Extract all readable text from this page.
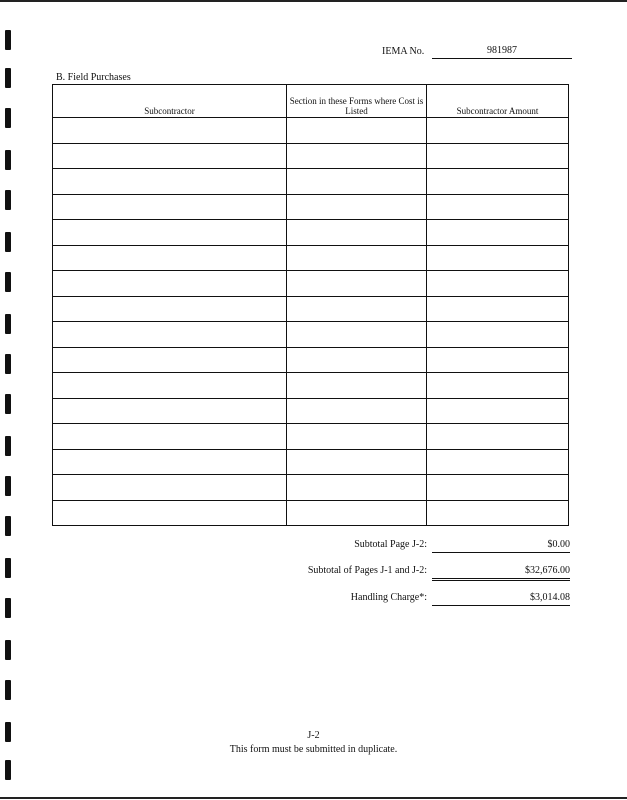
IEMA No.	981987
B. Field Purchases
Subcontractor	Section in these Forms where Cost is Listed	Subcontractor Amount

Subtotal Page J-2:	$0.00
Subtotal of Pages J-1 and J-2:	$32,676.00
Handling Charge*:	$3,014.08
J-2
This form must be submitted in duplicate.
